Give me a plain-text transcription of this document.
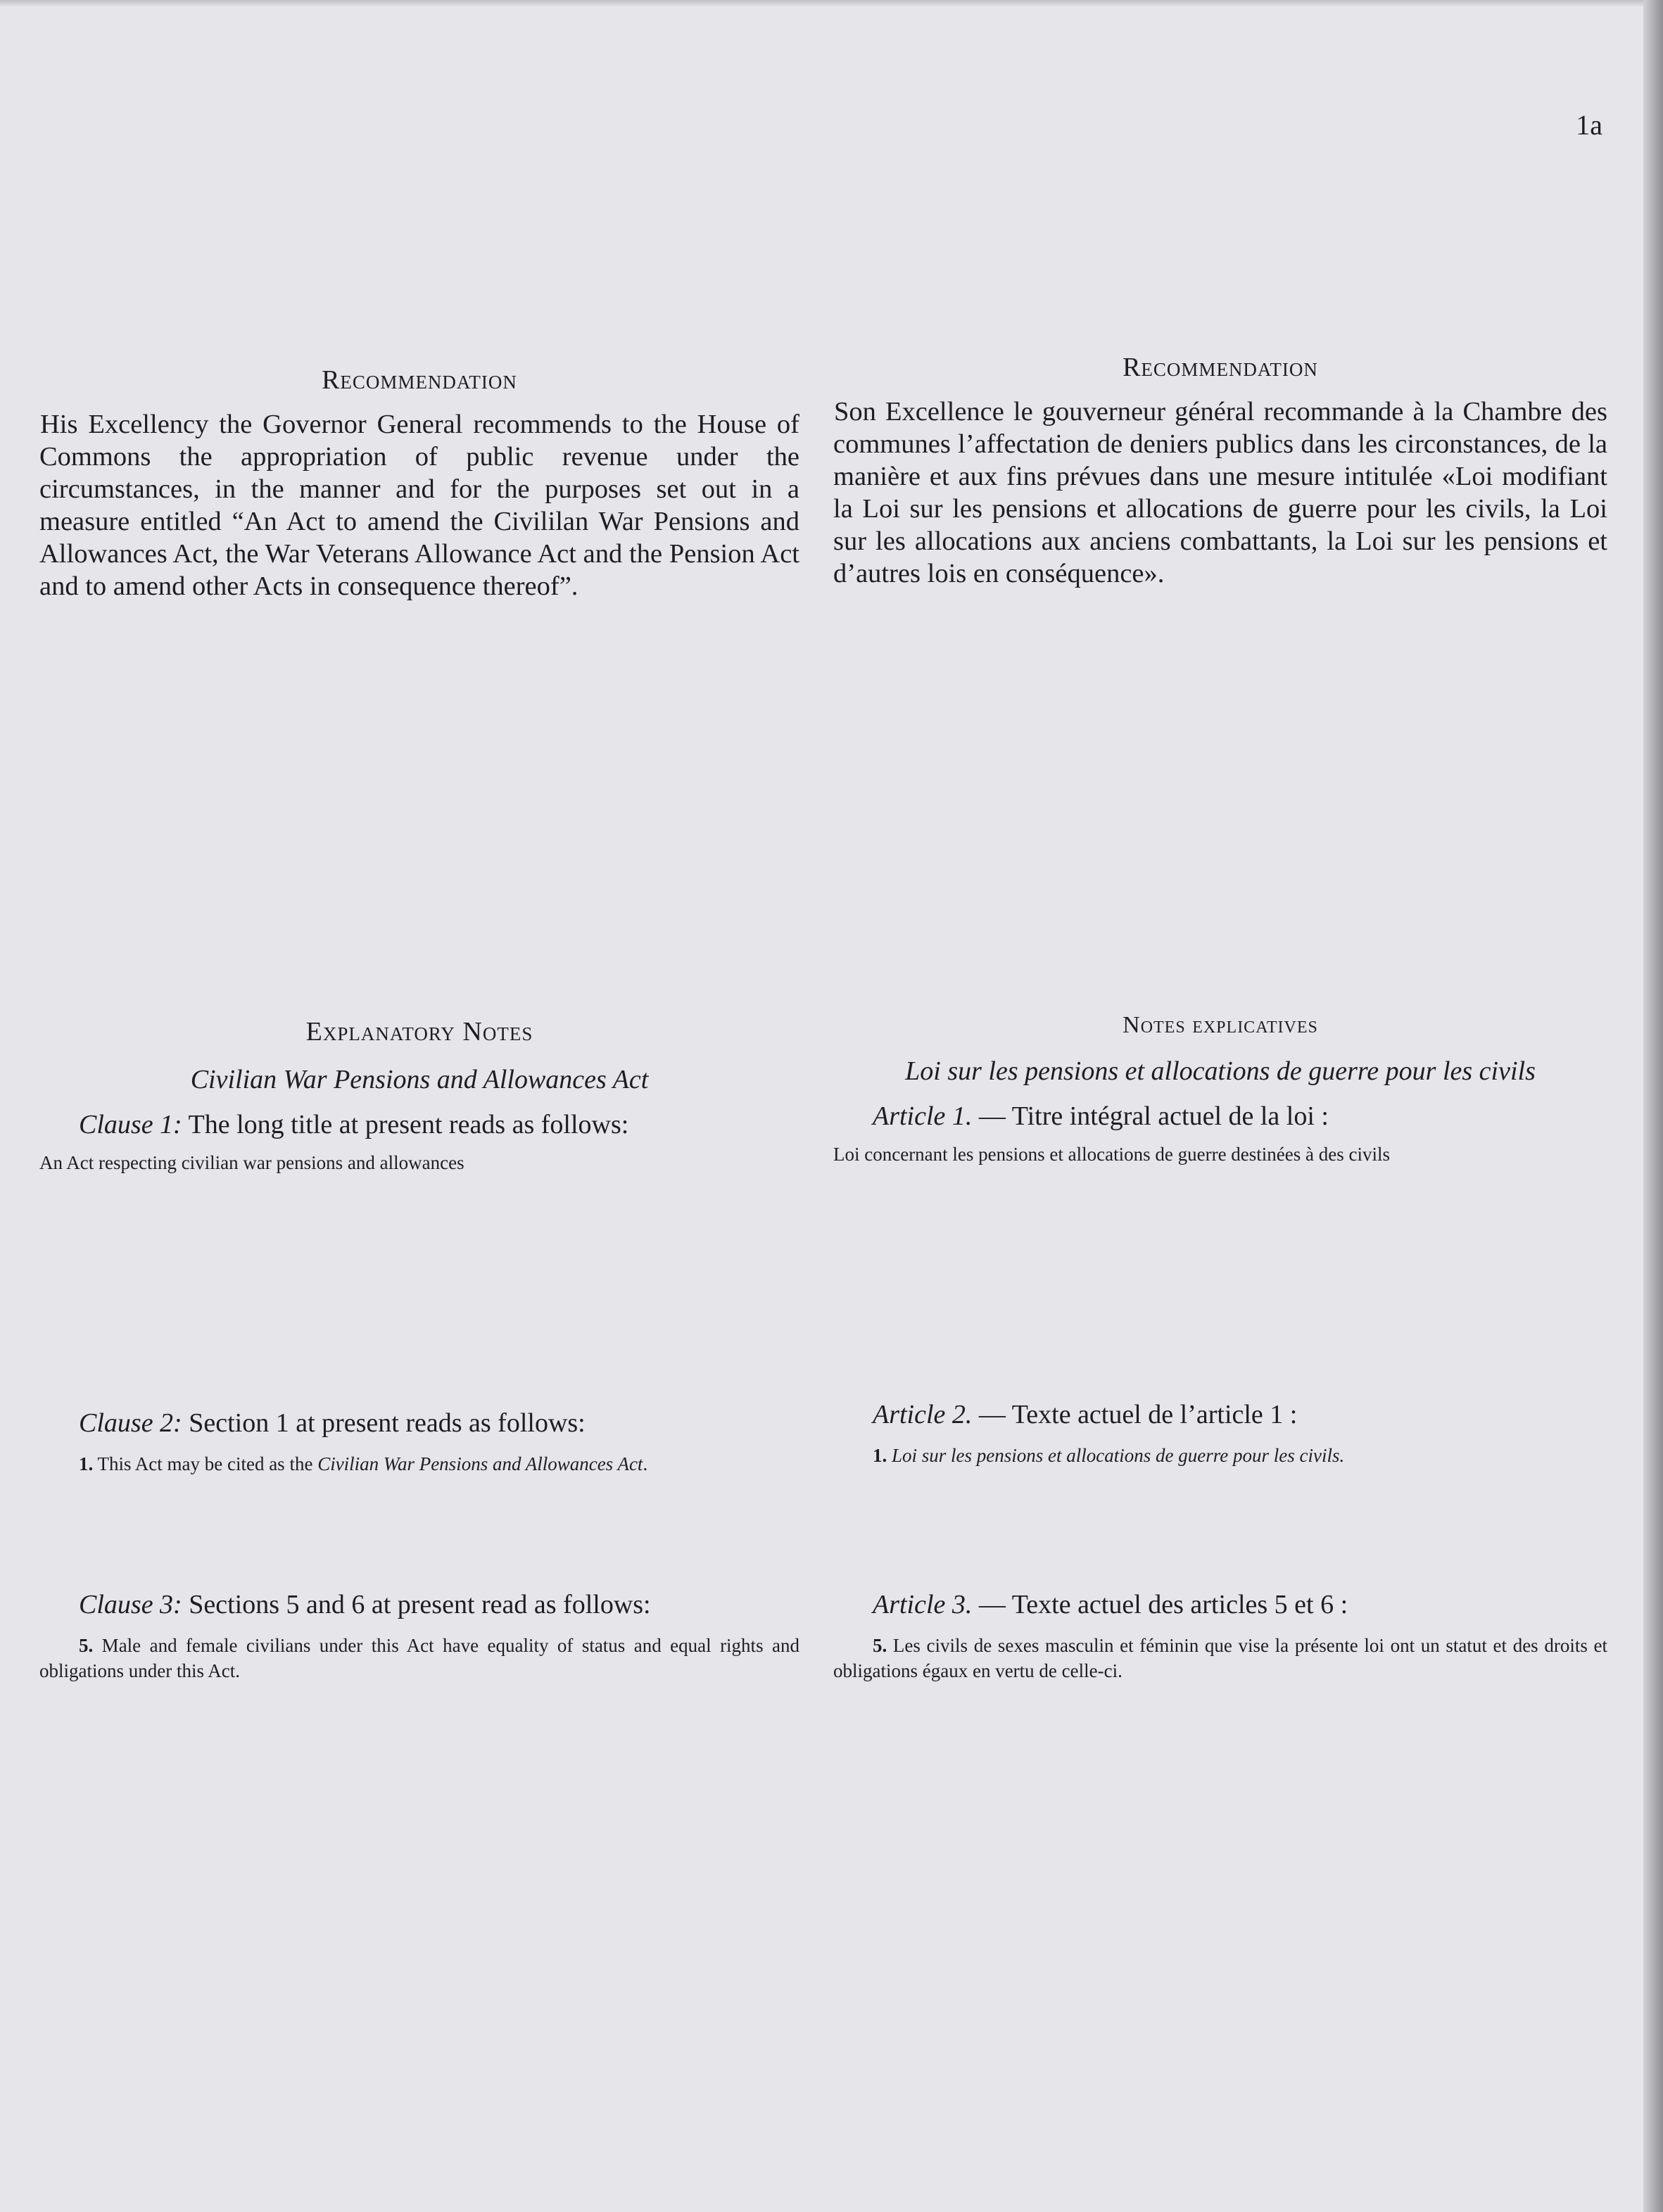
1a

Recommendation

His Excellency the Governor General recommends to the House of Commons the appropriation of public revenue under the circumstances, in the manner and for the purposes set out in a measure entitled “An Act to amend the Civililan War Pensions and Allowances Act, the War Veterans Allowance Act and the Pension Act and to amend other Acts in consequence thereof”.

Explanatory Notes

Civilian War Pensions and Allowances Act

Clause 1: The long title at present reads as follows:

An Act respecting civilian war pensions and allowances

Clause 2: Section 1 at present reads as follows:

1. This Act may be cited as the Civilian War Pensions and Allowances Act.

Clause 3: Sections 5 and 6 at present read as follows:

5. Male and female civilians under this Act have equality of status and equal rights and obligations under this Act.

Recommendation

Son Excellence le gouverneur général recommande à la Chambre des communes l’affectation de deniers publics dans les circonstances, de la manière et aux fins prévues dans une mesure intitulée «Loi modifiant la Loi sur les pensions et allocations de guerre pour les civils, la Loi sur les allocations aux anciens combattants, la Loi sur les pensions et d’autres lois en conséquence».

Notes explicatives

Loi sur les pensions et allocations de guerre pour les civils

Article 1. — Titre intégral actuel de la loi :

Loi concernant les pensions et allocations de guerre destinées à des civils

Article 2. — Texte actuel de l’article 1 :

1. Loi sur les pensions et allocations de guerre pour les civils.

Article 3. — Texte actuel des articles 5 et 6 :

5. Les civils de sexes masculin et féminin que vise la présente loi ont un statut et des droits et obligations égaux en vertu de celle-ci.
